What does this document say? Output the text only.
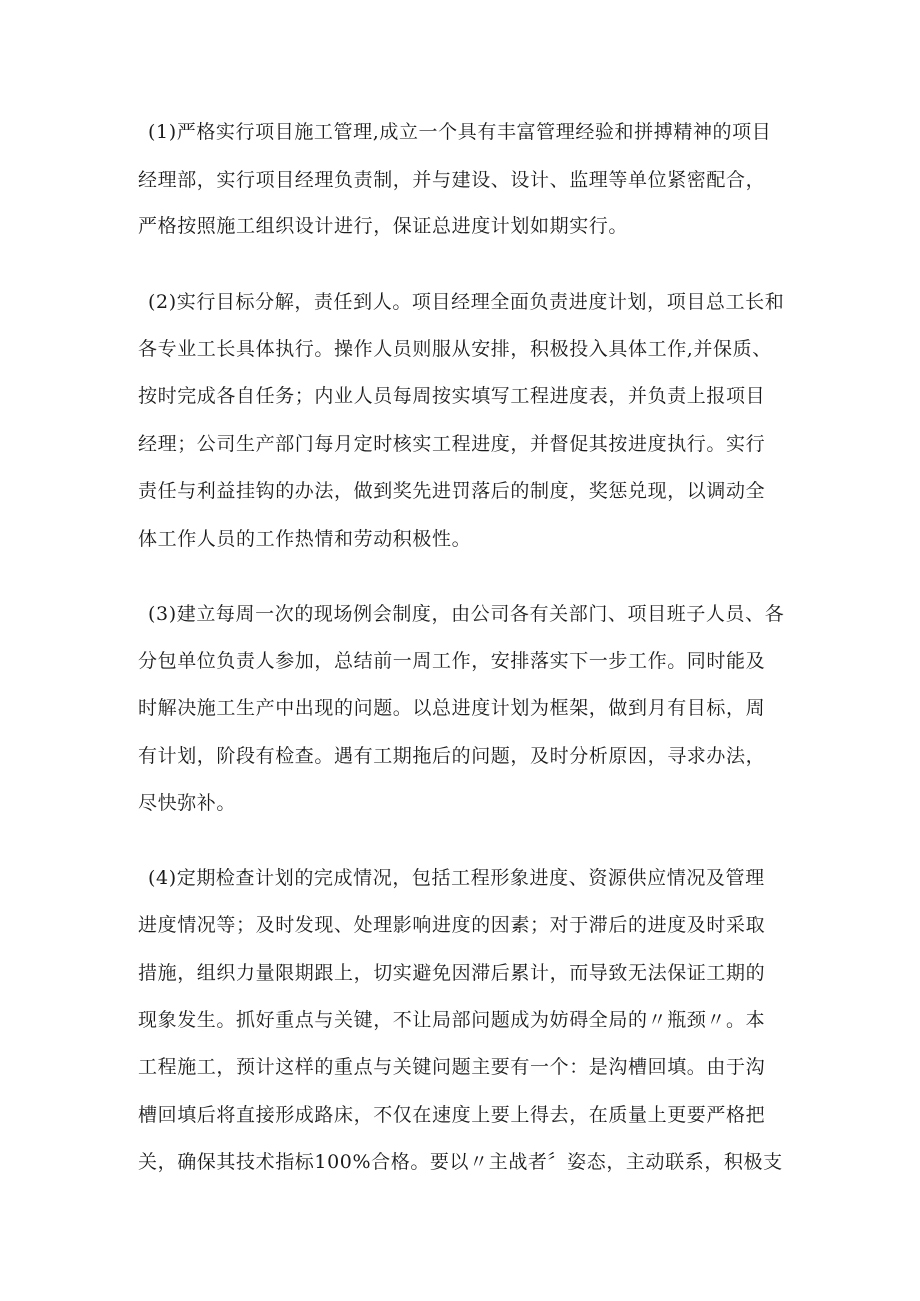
(1)严格实行项目施工管理,成立一个具有丰富管理经验和拼搏精神的项目
经理部，实行项目经理负责制，并与建设、设计、监理等单位紧密配合，
严格按照施工组织设计进行，保证总进度计划如期实行。
(2)实行目标分解，责任到人。项目经理全面负责进度计划，项目总工长和
各专业工长具体执行。操作人员则服从安排，积极投入具体工作,并保质、
按时完成各自任务；内业人员每周按实填写工程进度表，并负责上报项目
经理；公司生产部门每月定时核实工程进度，并督促其按进度执行。实行
责任与利益挂钩的办法，做到奖先进罚落后的制度，奖惩兑现，以调动全
体工作人员的工作热情和劳动积极性。
(3)建立每周一次的现场例会制度，由公司各有关部门、项目班子人员、各
分包单位负责人参加，总结前一周工作，安排落实下一步工作。同时能及
时解决施工生产中出现的问题。以总进度计划为框架，做到月有目标，周
有计划，阶段有检查。遇有工期拖后的问题，及时分析原因，寻求办法，
尽快弥补。
(4)定期检查计划的完成情况，包括工程形象进度、资源供应情况及管理
进度情况等；及时发现、处理影响进度的因素；对于滞后的进度及时采取
措施，组织力量限期跟上，切实避免因滞后累计，而导致无法保证工期的
现象发生。抓好重点与关键，不让局部问题成为妨碍全局的〃瓶颈〃。本
工程施工，预计这样的重点与关键问题主要有一个：是沟槽回填。由于沟
槽回填后将直接形成路床，不仅在速度上要上得去，在质量上更要严格把
关，确保其技术指标100%合格。要以〃主战者〞姿态，主动联系，积极支
